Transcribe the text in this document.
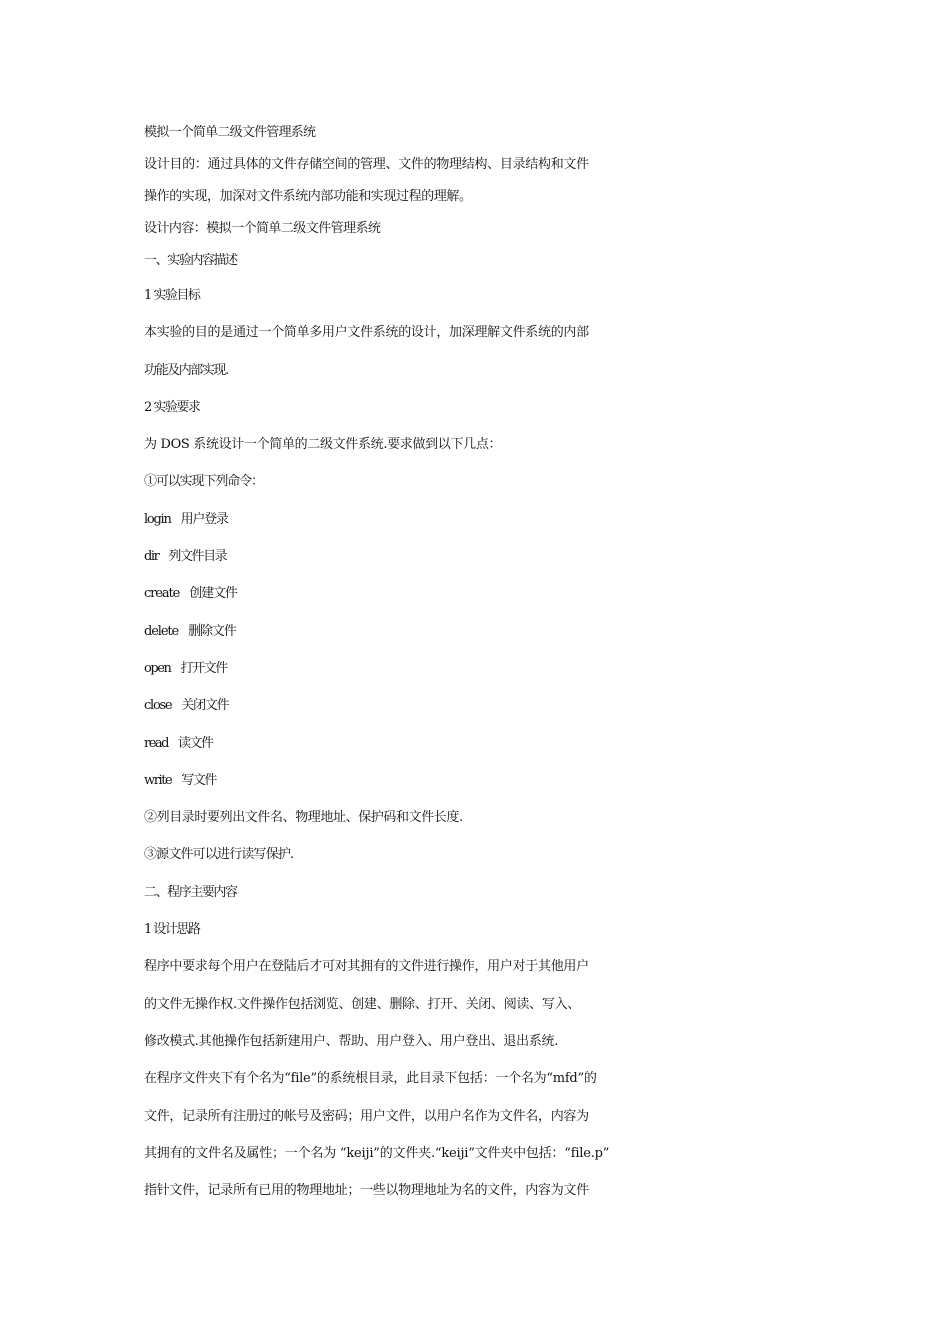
模拟一个简单二级文件管理系统
设计目的：通过具体的文件存储空间的管理、文件的物理结构、目录结构和文件
操作的实现，加深对文件系统内部功能和实现过程的理解。
设计内容：模拟一个简单二级文件管理系统
一、实验内容描述
1 实验目标
本实验的目的是通过一个简单多用户文件系统的设计，加深理解文件系统的内部
功能及内部实现.
2 实验要求
为 DOS 系统设计一个简单的二级文件系统.要求做到以下几点：
①可以实现下列命令：
login 用户登录
dir 列文件目录
create 创建文件
delete 删除文件
open 打开文件
close 关闭文件
read 读文件
write 写文件
②列目录时要列出文件名、物理地址、保护码和文件长度.
③源文件可以进行读写保护.
二、程序主要内容
1 设计思路
程序中要求每个用户在登陆后才可对其拥有的文件进行操作，用户对于其他用户
的文件无操作权.文件操作包括浏览、创建、删除、打开、关闭、阅读、写入、
修改模式.其他操作包括新建用户、帮助、用户登入、用户登出、退出系统.
在程序文件夹下有个名为“file”的系统根目录，此目录下包括：一个名为“mfd”的
文件，记录所有注册过的帐号及密码；用户文件，以用户名作为文件名，内容为
其拥有的文件名及属性；一个名为 “keiji”的文件夹.“keiji”文件夹中包括：“file.p”
指针文件，记录所有已用的物理地址；一些以物理地址为名的文件，内容为文件
